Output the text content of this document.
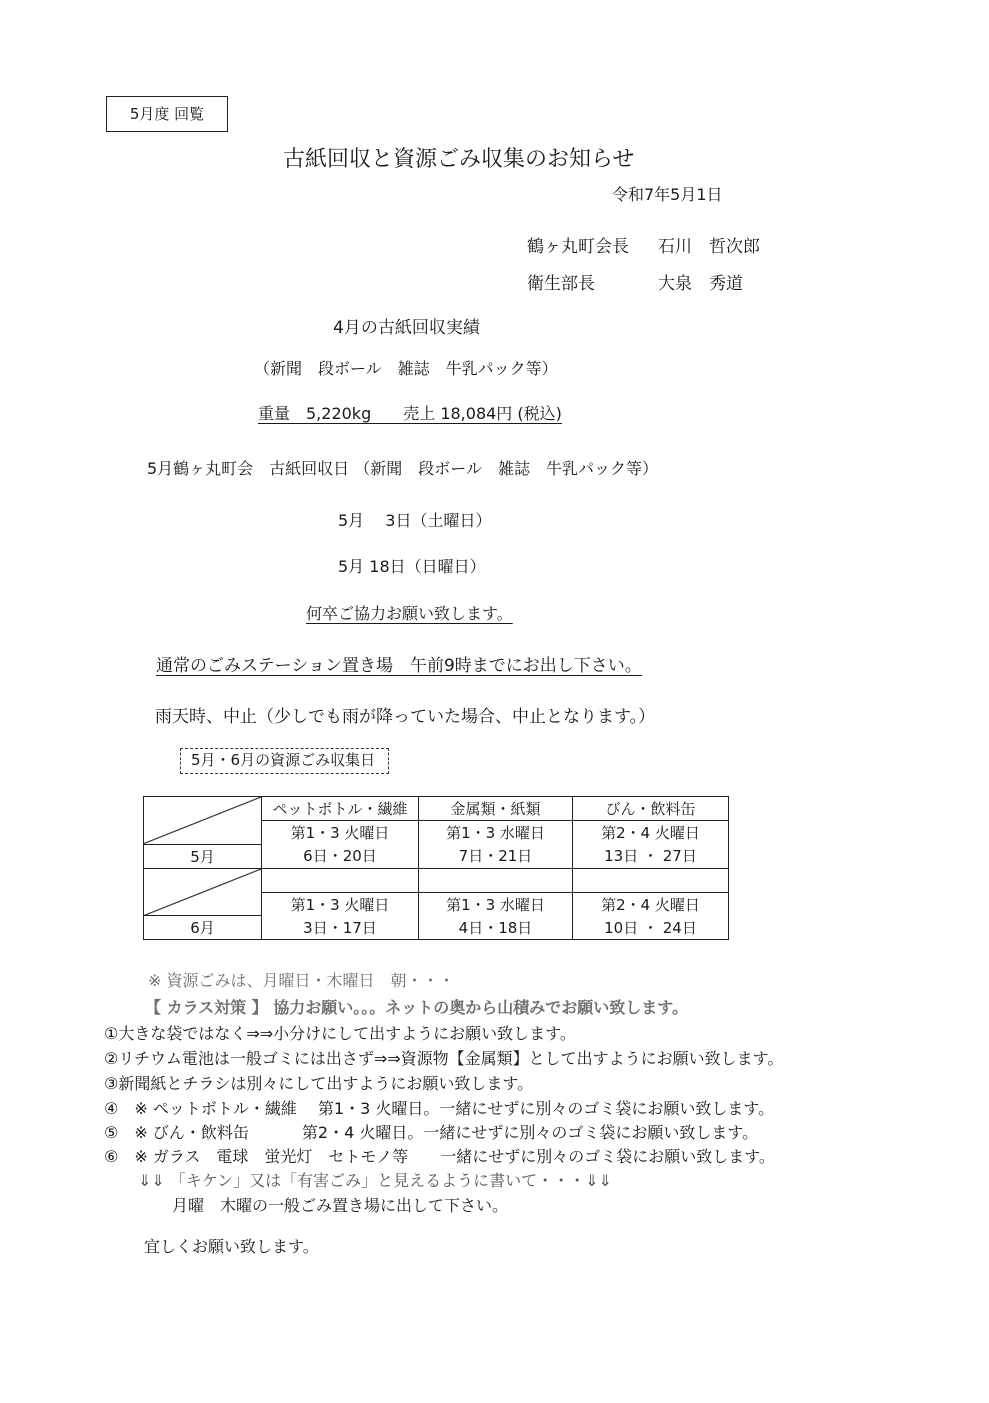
5月度 回覧
古紙回収と資源ごみ収集のお知らせ
令和7年5月1日
鶴ヶ丸町会長 石川　哲次郎
衛生部長	大泉　秀道
4月の古紙回収実績
（新聞　段ボール　雑誌　牛乳パック等）
重量　5,220kg　　売上 18,084円 (税込)
5月鶴ヶ丸町会　古紙回収日 （新聞　段ボール　雑誌　牛乳パック等）
5月　 3日（土曜日）
5月 18日（日曜日）
何卒ご協力お願い致します。
通常のごみステーション置き場　午前9時までにお出し下さい。
雨天時、中止（少しでも雨が降っていた場合、中止となります。）
5月・6月の資源ごみ収集日
	ペットボトル・繊維	金属類・紙類	びん・飲料缶
	第1・3 火曜日	第1・3 水曜日	第2・4 火曜日
5月	6日・20日	7日・21日	13日 ・ 27日

	第1・3 火曜日	第1・3 水曜日	第2・4 火曜日
6月	3日・17日	4日・18日	10日 ・ 24日
※ 資源ごみは、月曜日・木曜日　朝・・・
【 カラス対策 】 協力お願い。。。ネットの奥から山積みでお願い致します。
①大きな袋ではなく⇒⇒小分けにして出すようにお願い致します。
②リチウム電池は一般ゴミには出さず⇒⇒資源物【金属類】として出すようにお願い致します。
③新聞紙とチラシは別々にして出すようにお願い致します。
④　※ ペットボトル・繊維　 第1・3 火曜日。一緒にせずに別々のゴミ袋にお願い致します。
⑤　※ びん・飲料缶　　　 第2・4 火曜日。一緒にせずに別々のゴミ袋にお願い致します。
⑥　※ ガラス　電球　蛍光灯　セトモノ等　　一緒にせずに別々のゴミ袋にお願い致します。
⇓⇓ 「キケン」又は「有害ごみ」と見えるように書いて・・・⇓⇓
月曜　木曜の一般ごみ置き場に出して下さい。
宜しくお願い致します。
